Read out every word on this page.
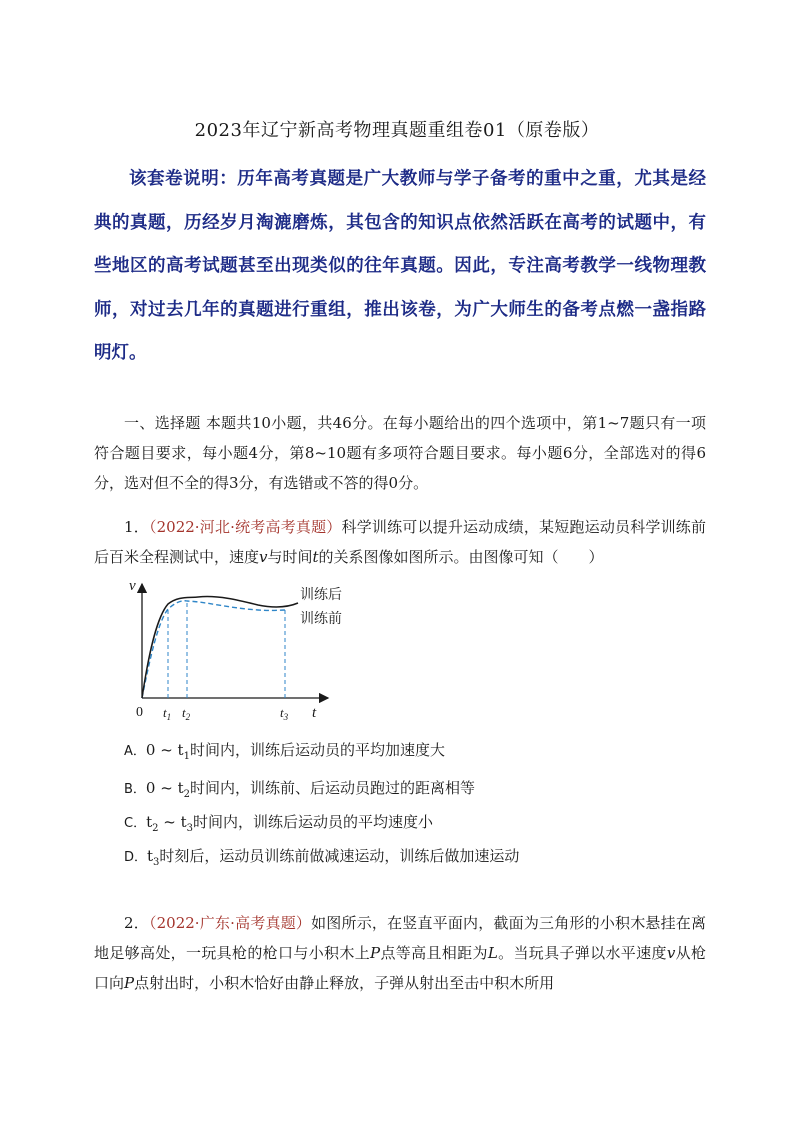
2023年辽宁新高考物理真题重组卷01（原卷版）

该套卷说明：历年高考真题是广大教师与学子备考的重中之重，尤其是经典的真题，历经岁月淘漉磨炼，其包含的知识点依然活跃在高考的试题中，有些地区的高考试题甚至出现类似的往年真题。因此，专注高考教学一线物理教师，对过去几年的真题进行重组，推出该卷，为广大师生的备考点燃一盏指路明灯。

一、选择题 本题共10小题，共46分。在每小题给出的四个选项中，第1~7题只有一项符合题目要求，每小题4分，第8~10题有多项符合题目要求。每小题6分，全部选对的得6分，选对但不全的得3分，有选错或不答的得0分。

1．（2022·河北·统考高考真题）科学训练可以提升运动成绩，某短跑运动员科学训练前后百米全程测试中，速度v与时间t的关系图像如图所示。由图像可知（　　）

v
t
0 $t_1$ $t_2$	$t_3$
训练后
训练前

A．0 ~ $t_1$时间内，训练后运动员的平均加速度大

B．0 ~ $t_2$时间内，训练前、后运动员跑过的距离相等

C．$t_2$ ~ $t_3$时间内，训练后运动员的平均速度小

D．$t_3$时刻后，运动员训练前做减速运动，训练后做加速运动

2．（2022·广东·高考真题）如图所示，在竖直平面内，截面为三角形的小积木悬挂在离地足够高处，一玩具枪的枪口与小积木上P点等高且相距为L。当玩具子弹以水平速度v从枪口向P点射出时，小积木恰好由静止释放，子弹从射出至击中积木所用
